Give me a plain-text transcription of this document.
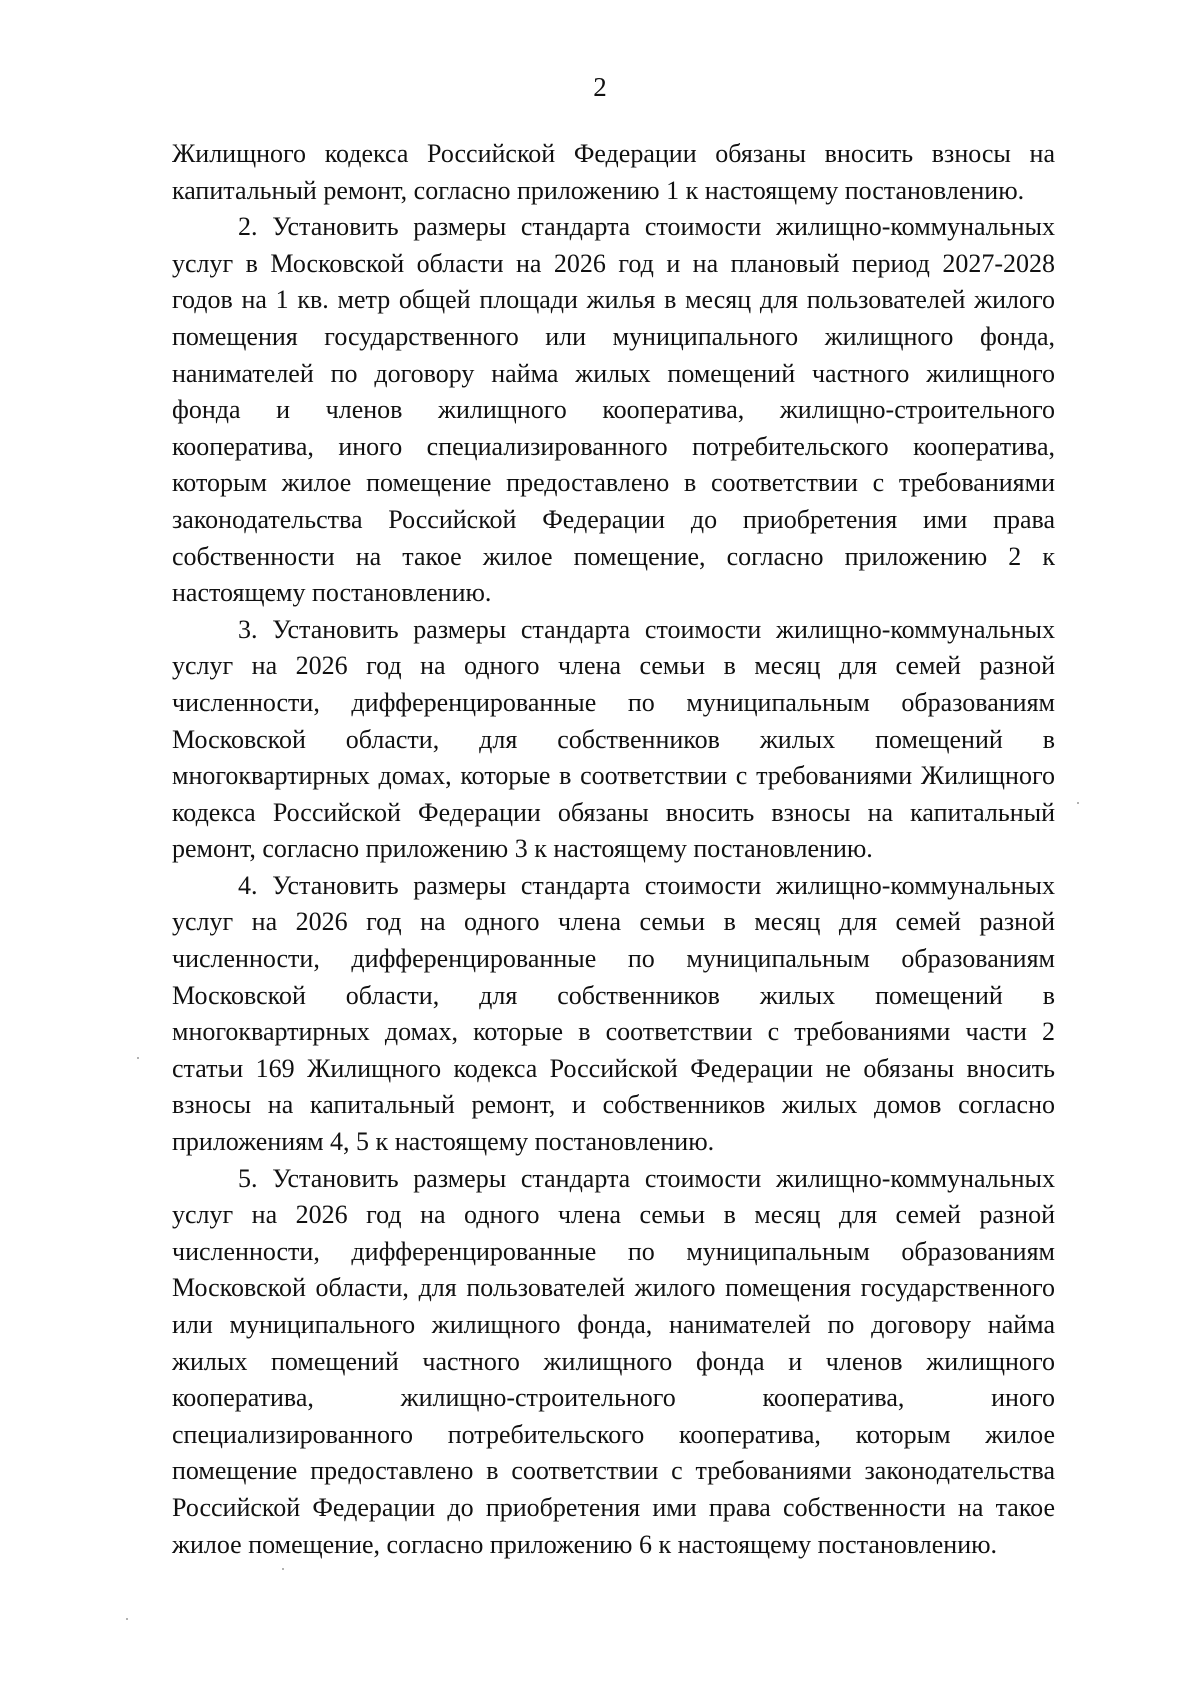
2

Жилищного кодекса Российской Федерации обязаны вносить взносы на капитальный ремонт, согласно приложению 1 к настоящему постановлению.

2. Установить размеры стандарта стоимости жилищно-коммунальных услуг в Московской области на 2026 год и на плановый период 2027-2028 годов на 1 кв. метр общей площади жилья в месяц для пользователей жилого помещения государственного или муниципального жилищного фонда, нанимателей по договору найма жилых помещений частного жилищного фонда и членов жилищного кооператива, жилищно-строительного кооператива, иного специализированного потребительского кооператива, которым жилое помещение предоставлено в соответствии с требованиями законодательства Российской Федерации до приобретения ими права собственности на такое жилое помещение, согласно приложению 2 к настоящему постановлению.

3. Установить размеры стандарта стоимости жилищно-коммунальных услуг на 2026 год на одного члена семьи в месяц для семей разной численности, дифференцированные по муниципальным образованиям Московской области, для собственников жилых помещений в многоквартирных домах, которые в соответствии с требованиями Жилищного кодекса Российской Федерации обязаны вносить взносы на капитальный ремонт, согласно приложению 3 к настоящему постановлению.

4. Установить размеры стандарта стоимости жилищно-коммунальных услуг на 2026 год на одного члена семьи в месяц для семей разной численности, дифференцированные по муниципальным образованиям Московской области, для собственников жилых помещений в многоквартирных домах, которые в соответствии с требованиями части 2 статьи 169 Жилищного кодекса Российской Федерации не обязаны вносить взносы на капитальный ремонт, и собственников жилых домов согласно приложениям 4, 5 к настоящему постановлению.

5. Установить размеры стандарта стоимости жилищно-коммунальных услуг на 2026 год на одного члена семьи в месяц для семей разной численности, дифференцированные по муниципальным образованиям Московской области, для пользователей жилого помещения государственного или муниципального жилищного фонда, нанимателей по договору найма жилых помещений частного жилищного фонда и членов жилищного кооператива, жилищно-строительного кооператива, иного специализированного потребительского кооператива, которым жилое помещение предоставлено в соответствии с требованиями законодательства Российской Федерации до приобретения ими права собственности на такое жилое помещение, согласно приложению 6 к настоящему постановлению.
